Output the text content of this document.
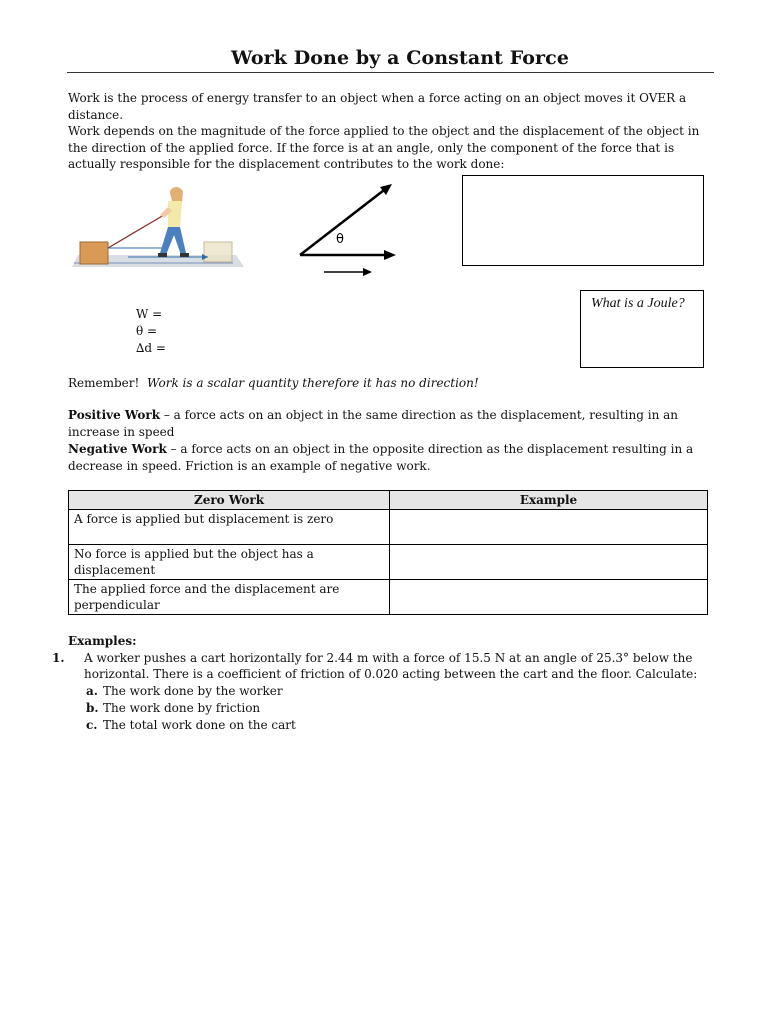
Work Done by a Constant Force
Work is the process of energy transfer to an object when a force acting on an object moves it OVER a distance.
Work depends on the magnitude of the force applied to the object and the displacement of the object in the direction of the applied force. If the force is at an angle, only the component of the force that is actually responsible for the displacement contributes to the work done:
θ
What is a Joule?
W =
θ =
∆d =
Remember! Work is a scalar quantity therefore it has no direction!
Positive Work – a force acts on an object in the same direction as the displacement, resulting in an increase in speed
Negative Work – a force acts on an object in the opposite direction as the displacement resulting in a decrease in speed. Friction is an example of negative work.
Zero Work	Example
A force is applied but displacement is zero	
No force is applied but the object has a displacement	
The applied force and the displacement are perpendicular	
Examples:
1. A worker pushes a cart horizontally for 2.44 m with a force of 15.5 N at an angle of 25.3° below the horizontal. There is a coefficient of friction of 0.020 acting between the cart and the floor. Calculate:
a. The work done by the worker
b. The work done by friction
c. The total work done on the cart
